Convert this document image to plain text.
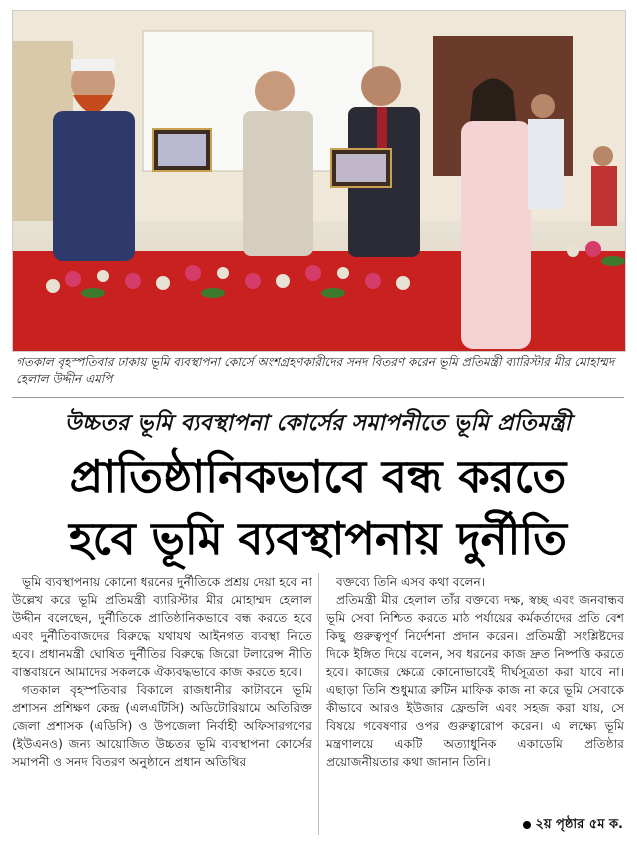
গতকাল বৃহস্পতিবার ঢাকায় ভূমি ব্যবস্থাপনা কোর্সে অংশগ্রহণকারীদের সনদ বিতরণ করেন ভূমি প্রতিমন্ত্রী ব্যারিস্টার মীর মোহাম্মদ হেলাল উদ্দীন এমপি
উচ্চতর ভূমি ব্যবস্থাপনা কোর্সের সমাপনীতে ভূমি প্রতিমন্ত্রী
প্রাতিষ্ঠানিকভাবে বন্ধ করতে
হবে ভূমি ব্যবস্থাপনায় দুর্নীতি

ভূমি ব্যবস্থাপনায় কোনো ধরনের দুর্নীতিকে প্রশ্রয় দেয়া হবে না উল্লেখ করে ভূমি প্রতিমন্ত্রী ব্যারিস্টার মীর মোহাম্মদ হেলাল উদ্দীন বলেছেন, দুর্নীতিকে প্রাতিষ্ঠানিকভাবে বন্ধ করতে হবে এবং দুর্নীতিবাজদের বিরুদ্ধে যথাযথ আইনগত ব্যবস্থা নিতে হবে। প্রধানমন্ত্রী ঘোষিত দুর্নীতির বিরুদ্ধে জিরো টলারেন্স নীতি বাস্তবায়নে আমাদের সকলকে ঐক্যবদ্ধভাবে কাজ করতে হবে।

গতকাল বৃহস্পতিবার বিকালে রাজধানীর কাটাবনে ভূমি প্রশাসন প্রশিক্ষণ কেন্দ্র (এলএটিসি) অডিটোরিয়ামে অতিরিক্ত জেলা প্রশাসক (এডিসি) ও উপজেলা নির্বাহী অফিসারগণের (ইউএনও) জন্য আয়োজিত উচ্চতর ভূমি ব্যবস্থাপনা কোর্সের সমাপনী ও সনদ বিতরণ অনুষ্ঠানে প্রধান অতিথির

বক্তব্যে তিনি এসব কথা বলেন।

প্রতিমন্ত্রী মীর হেলাল তাঁর বক্তব্যে দক্ষ, স্বচ্ছ এবং জনবান্ধব ভূমি সেবা নিশ্চিত করতে মাঠ পর্যায়ের কর্মকর্তাদের প্রতি বেশ কিছু গুরুত্বপূর্ণ নির্দেশনা প্রদান করেন। প্রতিমন্ত্রী সংশ্লিষ্টদের দিকে ইঙ্গিত দিয়ে বলেন, সব ধরনের কাজ দ্রুত নিষ্পত্তি করতে হবে। কাজের ক্ষেত্রে কোনোভাবেই দীর্ঘসূত্রতা করা যাবে না। এছাড়া তিনি শুধুমাত্র রুটিন মাফিক কাজ না করে ভূমি সেবাকে কীভাবে আরও ইউজার ফ্রেন্ডলি এবং সহজ করা যায়, সে বিষয়ে গবেষণার ওপর গুরুত্বারোপ করেন। এ লক্ষ্যে ভূমি মন্ত্রণালয়ে একটি অত্যাধুনিক একাডেমি প্রতিষ্ঠার প্রয়োজনীয়তার কথা জানান তিনি।

২য় পৃষ্ঠার ৫ম ক.
